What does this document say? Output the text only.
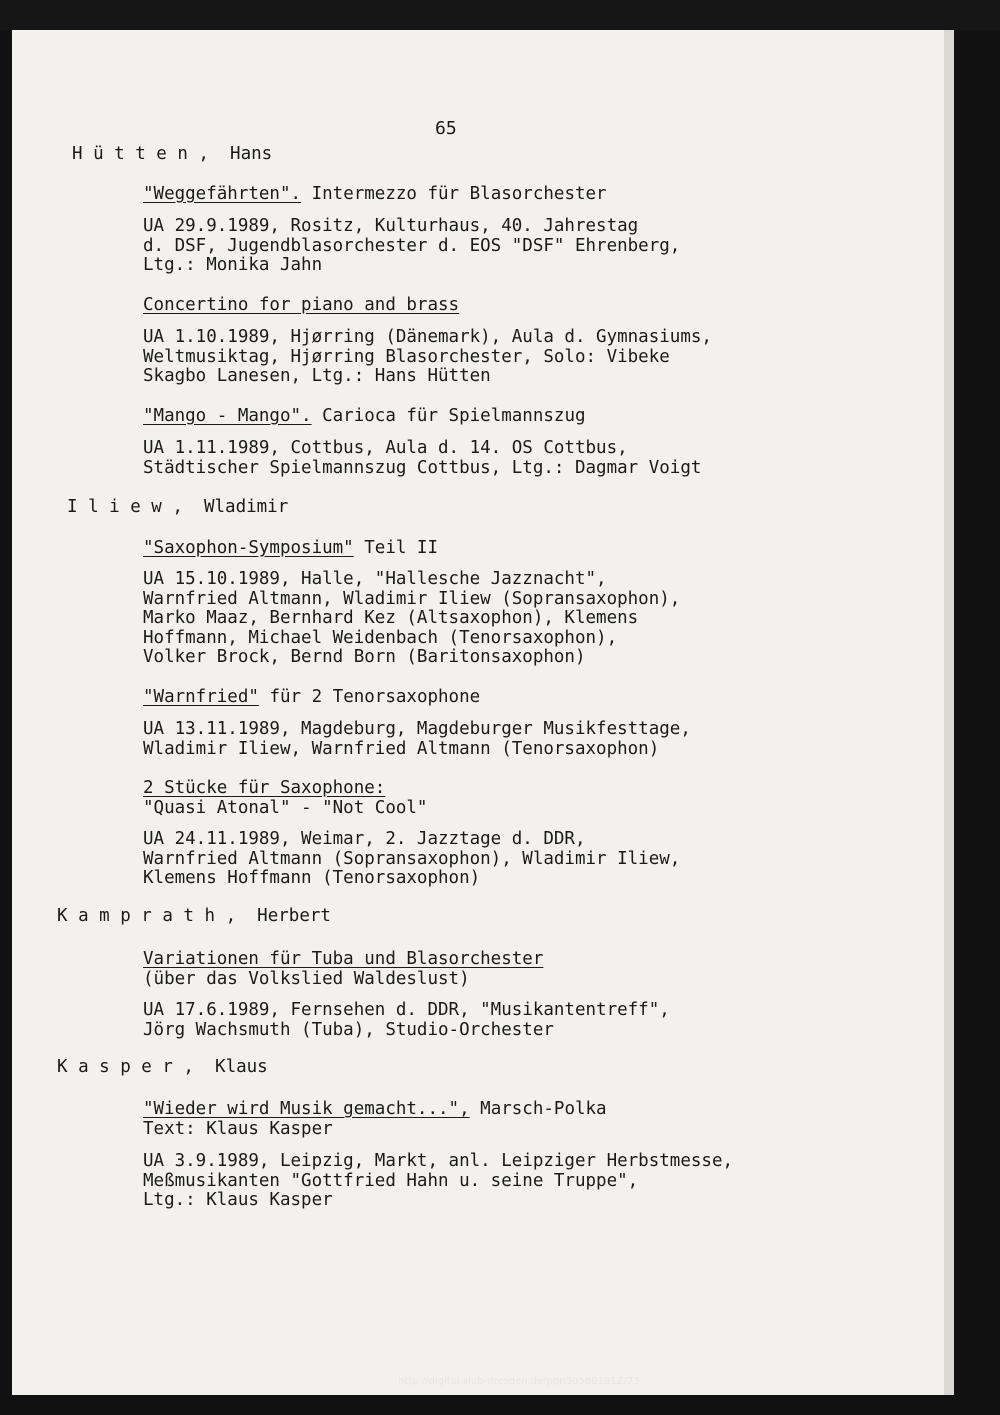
65
H ü t t e n ,  Hans
"Weggefährten". Intermezzo für Blasorchester
UA 29.9.1989, Rositz, Kulturhaus, 40. Jahrestag
d. DSF, Jugendblasorchester d. EOS "DSF" Ehrenberg,
Ltg.: Monika Jahn
Concertino for piano and brass
UA 1.10.1989, Hjørring (Dänemark), Aula d. Gymnasiums,
Weltmusiktag, Hjørring Blasorchester, Solo: Vibeke
Skagbo Lanesen, Ltg.: Hans Hütten
"Mango - Mango". Carioca für Spielmannszug
UA 1.11.1989, Cottbus, Aula d. 14. OS Cottbus,
Städtischer Spielmannszug Cottbus, Ltg.: Dagmar Voigt
I l i e w ,  Wladimir
"Saxophon-Symposium" Teil II
UA 15.10.1989, Halle, "Hallesche Jazznacht",
Warnfried Altmann, Wladimir Iliew (Sopransaxophon),
Marko Maaz, Bernhard Kez (Altsaxophon), Klemens
Hoffmann, Michael Weidenbach (Tenorsaxophon),
Volker Brock, Bernd Born (Baritonsaxophon)
"Warnfried" für 2 Tenorsaxophone
UA 13.11.1989, Magdeburg, Magdeburger Musikfesttage,
Wladimir Iliew, Warnfried Altmann (Tenorsaxophon)
2 Stücke für Saxophone:
"Quasi Atonal" - "Not Cool"
UA 24.11.1989, Weimar, 2. Jazztage d. DDR,
Warnfried Altmann (Sopransaxophon), Wladimir Iliew,
Klemens Hoffmann (Tenorsaxophon)
K a m p r a t h ,  Herbert
Variationen für Tuba und Blasorchester
(über das Volkslied Waldeslust)
UA 17.6.1989, Fernsehen d. DDR, "Musikantentreff",
Jörg Wachsmuth (Tuba), Studio-Orchester
K a s p e r ,  Klaus
"Wieder wird Musik gemacht...", Marsch-Polka
Text: Klaus Kasper
UA 3.9.1989, Leipzig, Markt, anl. Leipziger Herbstmesse,
Meßmusikanten "Gottfried Hahn u. seine Truppe",
Ltg.: Klaus Kasper
http://digital.slub-dresden.de/ppn30580181Z/73
